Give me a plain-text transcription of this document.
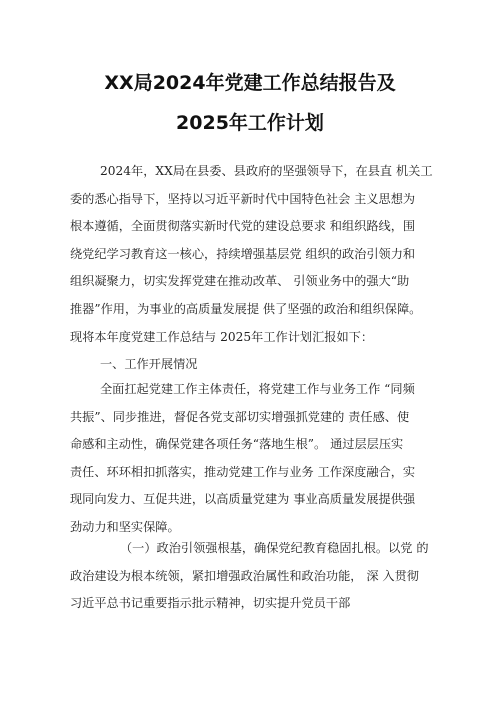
XX局2024年党建工作总结报告及
2025年工作计划
2024年，XX局在县委、县政府的坚强领导下，在县直 机关工
委的悉心指导下，坚持以习近平新时代中国特色社会 主义思想为
根本遵循，全面贯彻落实新时代党的建设总要求 和组织路线，围
绕党纪学习教育这一核心，持续增强基层党 组织的政治引领力和
组织凝聚力，切实发挥党建在推动改革、 引领业务中的强大“助
推器”作用，为事业的高质量发展提 供了坚强的政治和组织保障。
现将本年度党建工作总结与 2025年工作计划汇报如下：
一、工作开展情况
全面扛起党建工作主体责任，将党建工作与业务工作 “同频
共振”、同步推进，督促各党支部切实增强抓党建的 责任感、使
命感和主动性，确保党建各项任务“落地生根”。 通过层层压实
责任、环环相扣抓落实，推动党建工作与业务 工作深度融合，实
现同向发力、互促共进，以高质量党建为 事业高质量发展提供强
劲动力和坚实保障。
（一）政治引领强根基，确保党纪教育稳固扎根。以党 的
政治建设为根本统领，紧扣增强政治属性和政治功能， 深 入贯彻
习近平总书记重要指示批示精神，切实提升党员干部
